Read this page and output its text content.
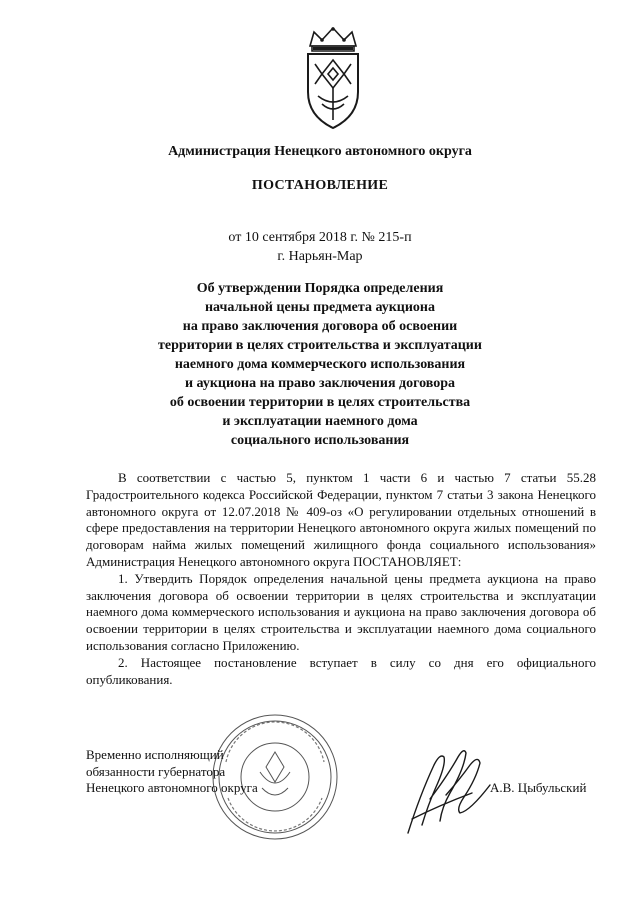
Администрация Ненецкого автономного округа
ПОСТАНОВЛЕНИЕ
от 10 сентября 2018 г. № 215-п
г. Нарьян-Мар
Об утверждении Порядка определения
начальной цены предмета аукциона
на право заключения договора об освоении
территории в целях строительства и эксплуатации
наемного дома коммерческого использования
и аукциона на право заключения договора
об освоении территории в целях строительства
и эксплуатации наемного дома
социального использования

В соответствии с частью 5, пунктом 1 части 6 и частью 7 статьи 55.28 Градостроительного кодекса Российской Федерации, пунктом 7 статьи 3 закона Ненецкого автономного округа от 12.07.2018 № 409-оз «О регулировании отдельных отношений в сфере предоставления на территории Ненецкого автономного округа жилых помещений по договорам найма жилых помещений жилищного фонда социального использования» Администрация Ненецкого автономного округа ПОСТАНОВЛЯЕТ:

1. Утвердить Порядок определения начальной цены предмета аукциона на право заключения договора об освоении территории в целях строительства и эксплуатации наемного дома коммерческого использования и аукциона на право заключения договора об освоении территории в целях строительства и эксплуатации наемного дома социального использования согласно Приложению.

2. Настоящее постановление вступает в силу со дня его официального опубликования.

Временно исполняющий
обязанности губернатора
Ненецкого автономного округа	А.В. Цыбульский
